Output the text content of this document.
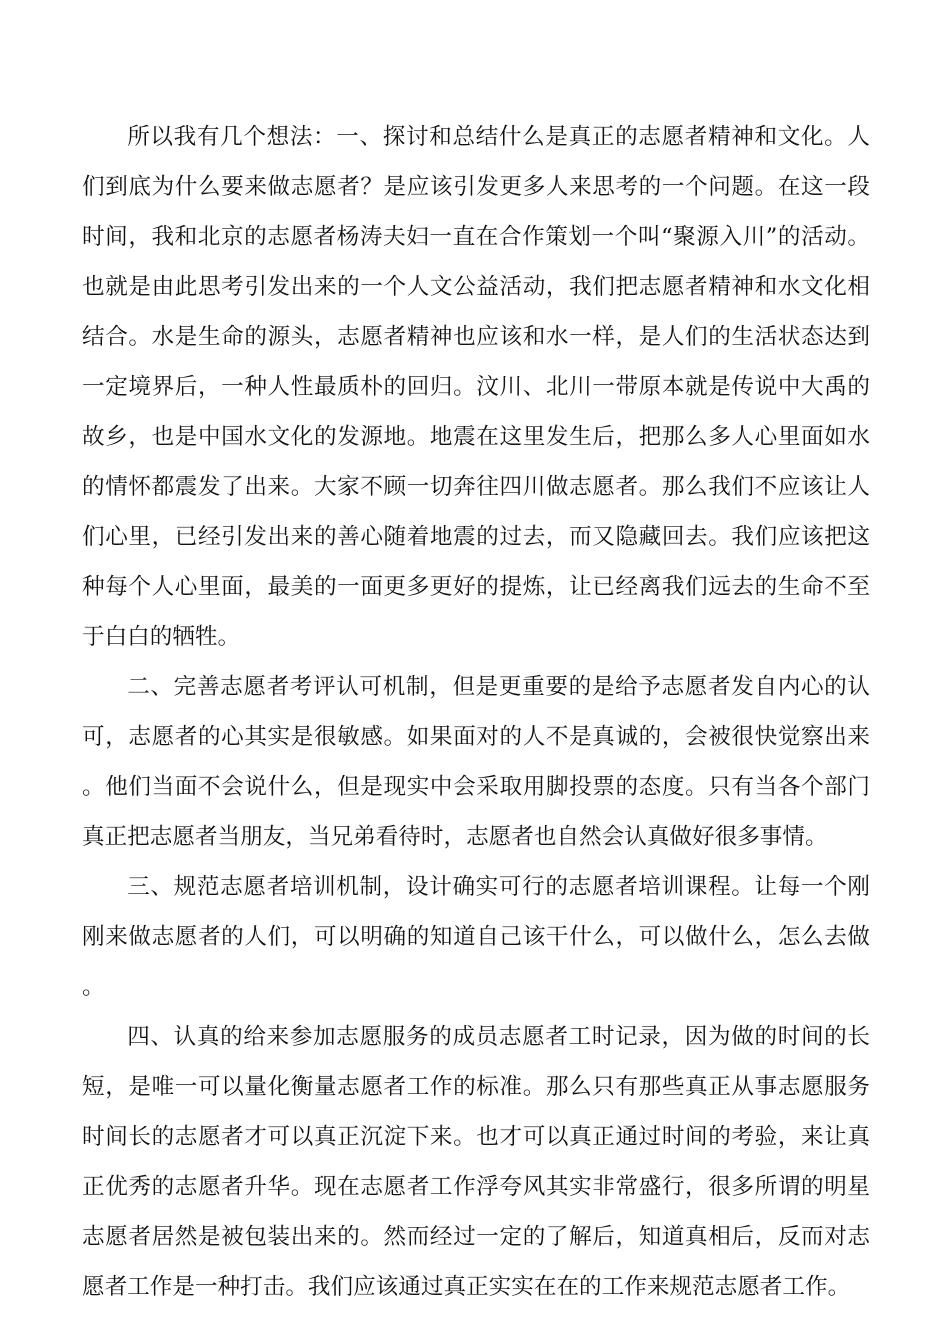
所以我有几个想法：一、探讨和总结什么是真正的志愿者精神和文化。人们到底为什么要来做志愿者？是应该引发更多人来思考的一个问题。在这一段时间，我和北京的志愿者杨涛夫妇一直在合作策划一个叫“聚源入川”的活动。也就是由此思考引发出来的一个人文公益活动，我们把志愿者精神和水文化相结合。水是生命的源头，志愿者精神也应该和水一样，是人们的生活状态达到一定境界后，一种人性最质朴的回归。汶川、北川一带原本就是传说中大禹的故乡，也是中国水文化的发源地。地震在这里发生后，把那么多人心里面如水的情怀都震发了出来。大家不顾一切奔往四川做志愿者。那么我们不应该让人们心里，已经引发出来的善心随着地震的过去，而又隐藏回去。我们应该把这种每个人心里面，最美的一面更多更好的提炼，让已经离我们远去的生命不至于白白的牺牲。

二、完善志愿者考评认可机制，但是更重要的是给予志愿者发自内心的认可，志愿者的心其实是很敏感。如果面对的人不是真诚的，会被很快觉察出来。他们当面不会说什么，但是现实中会采取用脚投票的态度。只有当各个部门真正把志愿者当朋友，当兄弟看待时，志愿者也自然会认真做好很多事情。

三、规范志愿者培训机制，设计确实可行的志愿者培训课程。让每一个刚刚来做志愿者的人们，可以明确的知道自己该干什么，可以做什么，怎么去做。

四、认真的给来参加志愿服务的成员志愿者工时记录，因为做的时间的长短，是唯一可以量化衡量志愿者工作的标准。那么只有那些真正从事志愿服务时间长的志愿者才可以真正沉淀下来。也才可以真正通过时间的考验，来让真正优秀的志愿者升华。现在志愿者工作浮夸风其实非常盛行，很多所谓的明星志愿者居然是被包装出来的。然而经过一定的了解后，知道真相后，反而对志愿者工作是一种打击。我们应该通过真正实实在在的工作来规范志愿者工作。
